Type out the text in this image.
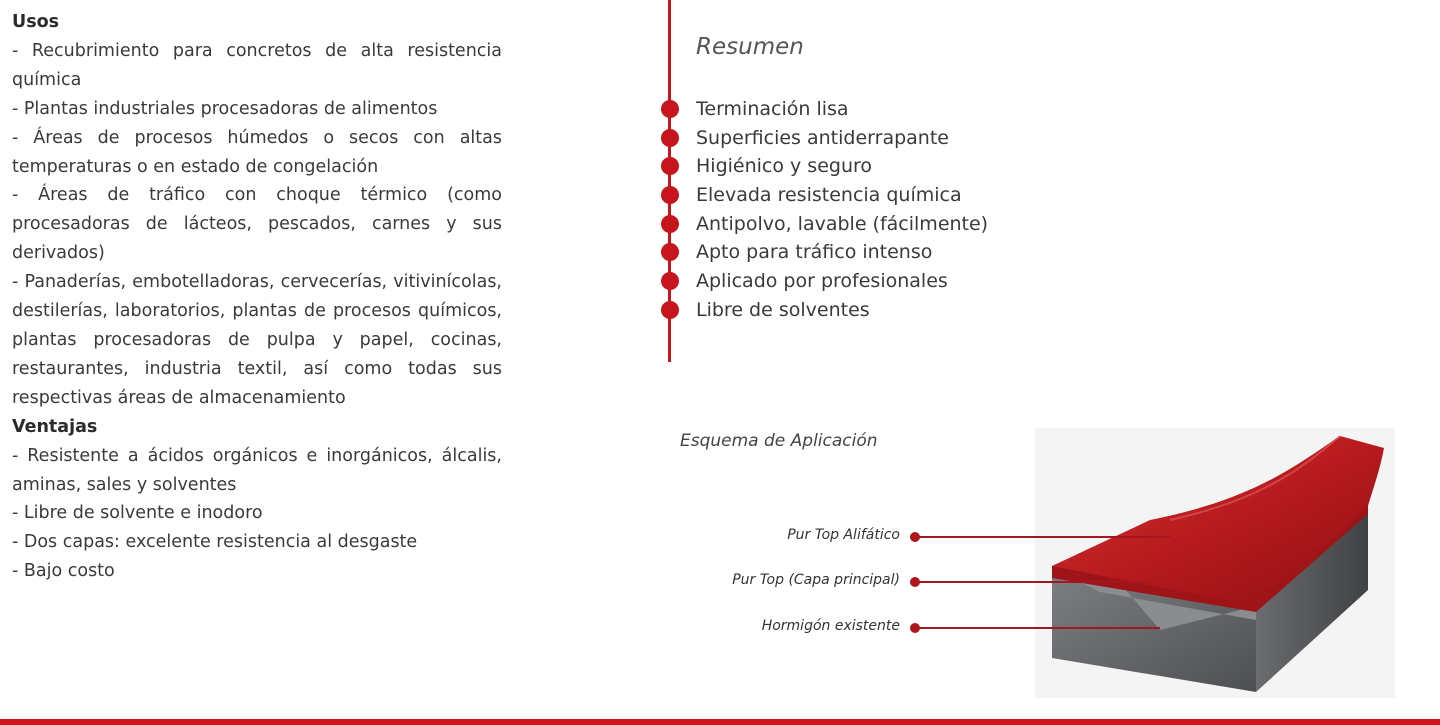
Usos
- Recubrimiento para concretos de alta resistencia química
- Plantas industriales procesadoras de alimentos
- Áreas de procesos húmedos o secos con altas temperaturas o en estado de congelación
- Áreas de tráfico con choque térmico (como procesadoras de lácteos, pescados, carnes y sus derivados)
- Panaderías, embotelladoras, cervecerías, vitivinícolas, destilerías, laboratorios, plantas de procesos químicos, plantas procesadoras de pulpa y papel, cocinas, restaurantes, industria textil, así como todas sus respectivas áreas de almacenamiento
Ventajas
- Resistente a ácidos orgánicos e inorgánicos, álcalis, aminas, sales y solventes
- Libre de solvente e inodoro
- Dos capas: excelente resistencia al desgaste
- Bajo costo
Resumen
Terminación lisa
Superficies antiderrapante
Higiénico y seguro
Elevada resistencia química
Antipolvo, lavable (fácilmente)
Apto para tráfico intenso
Aplicado por profesionales
Libre de solventes
Esquema de Aplicación
Pur Top Alifático
Pur Top (Capa principal)
Hormigón existente
